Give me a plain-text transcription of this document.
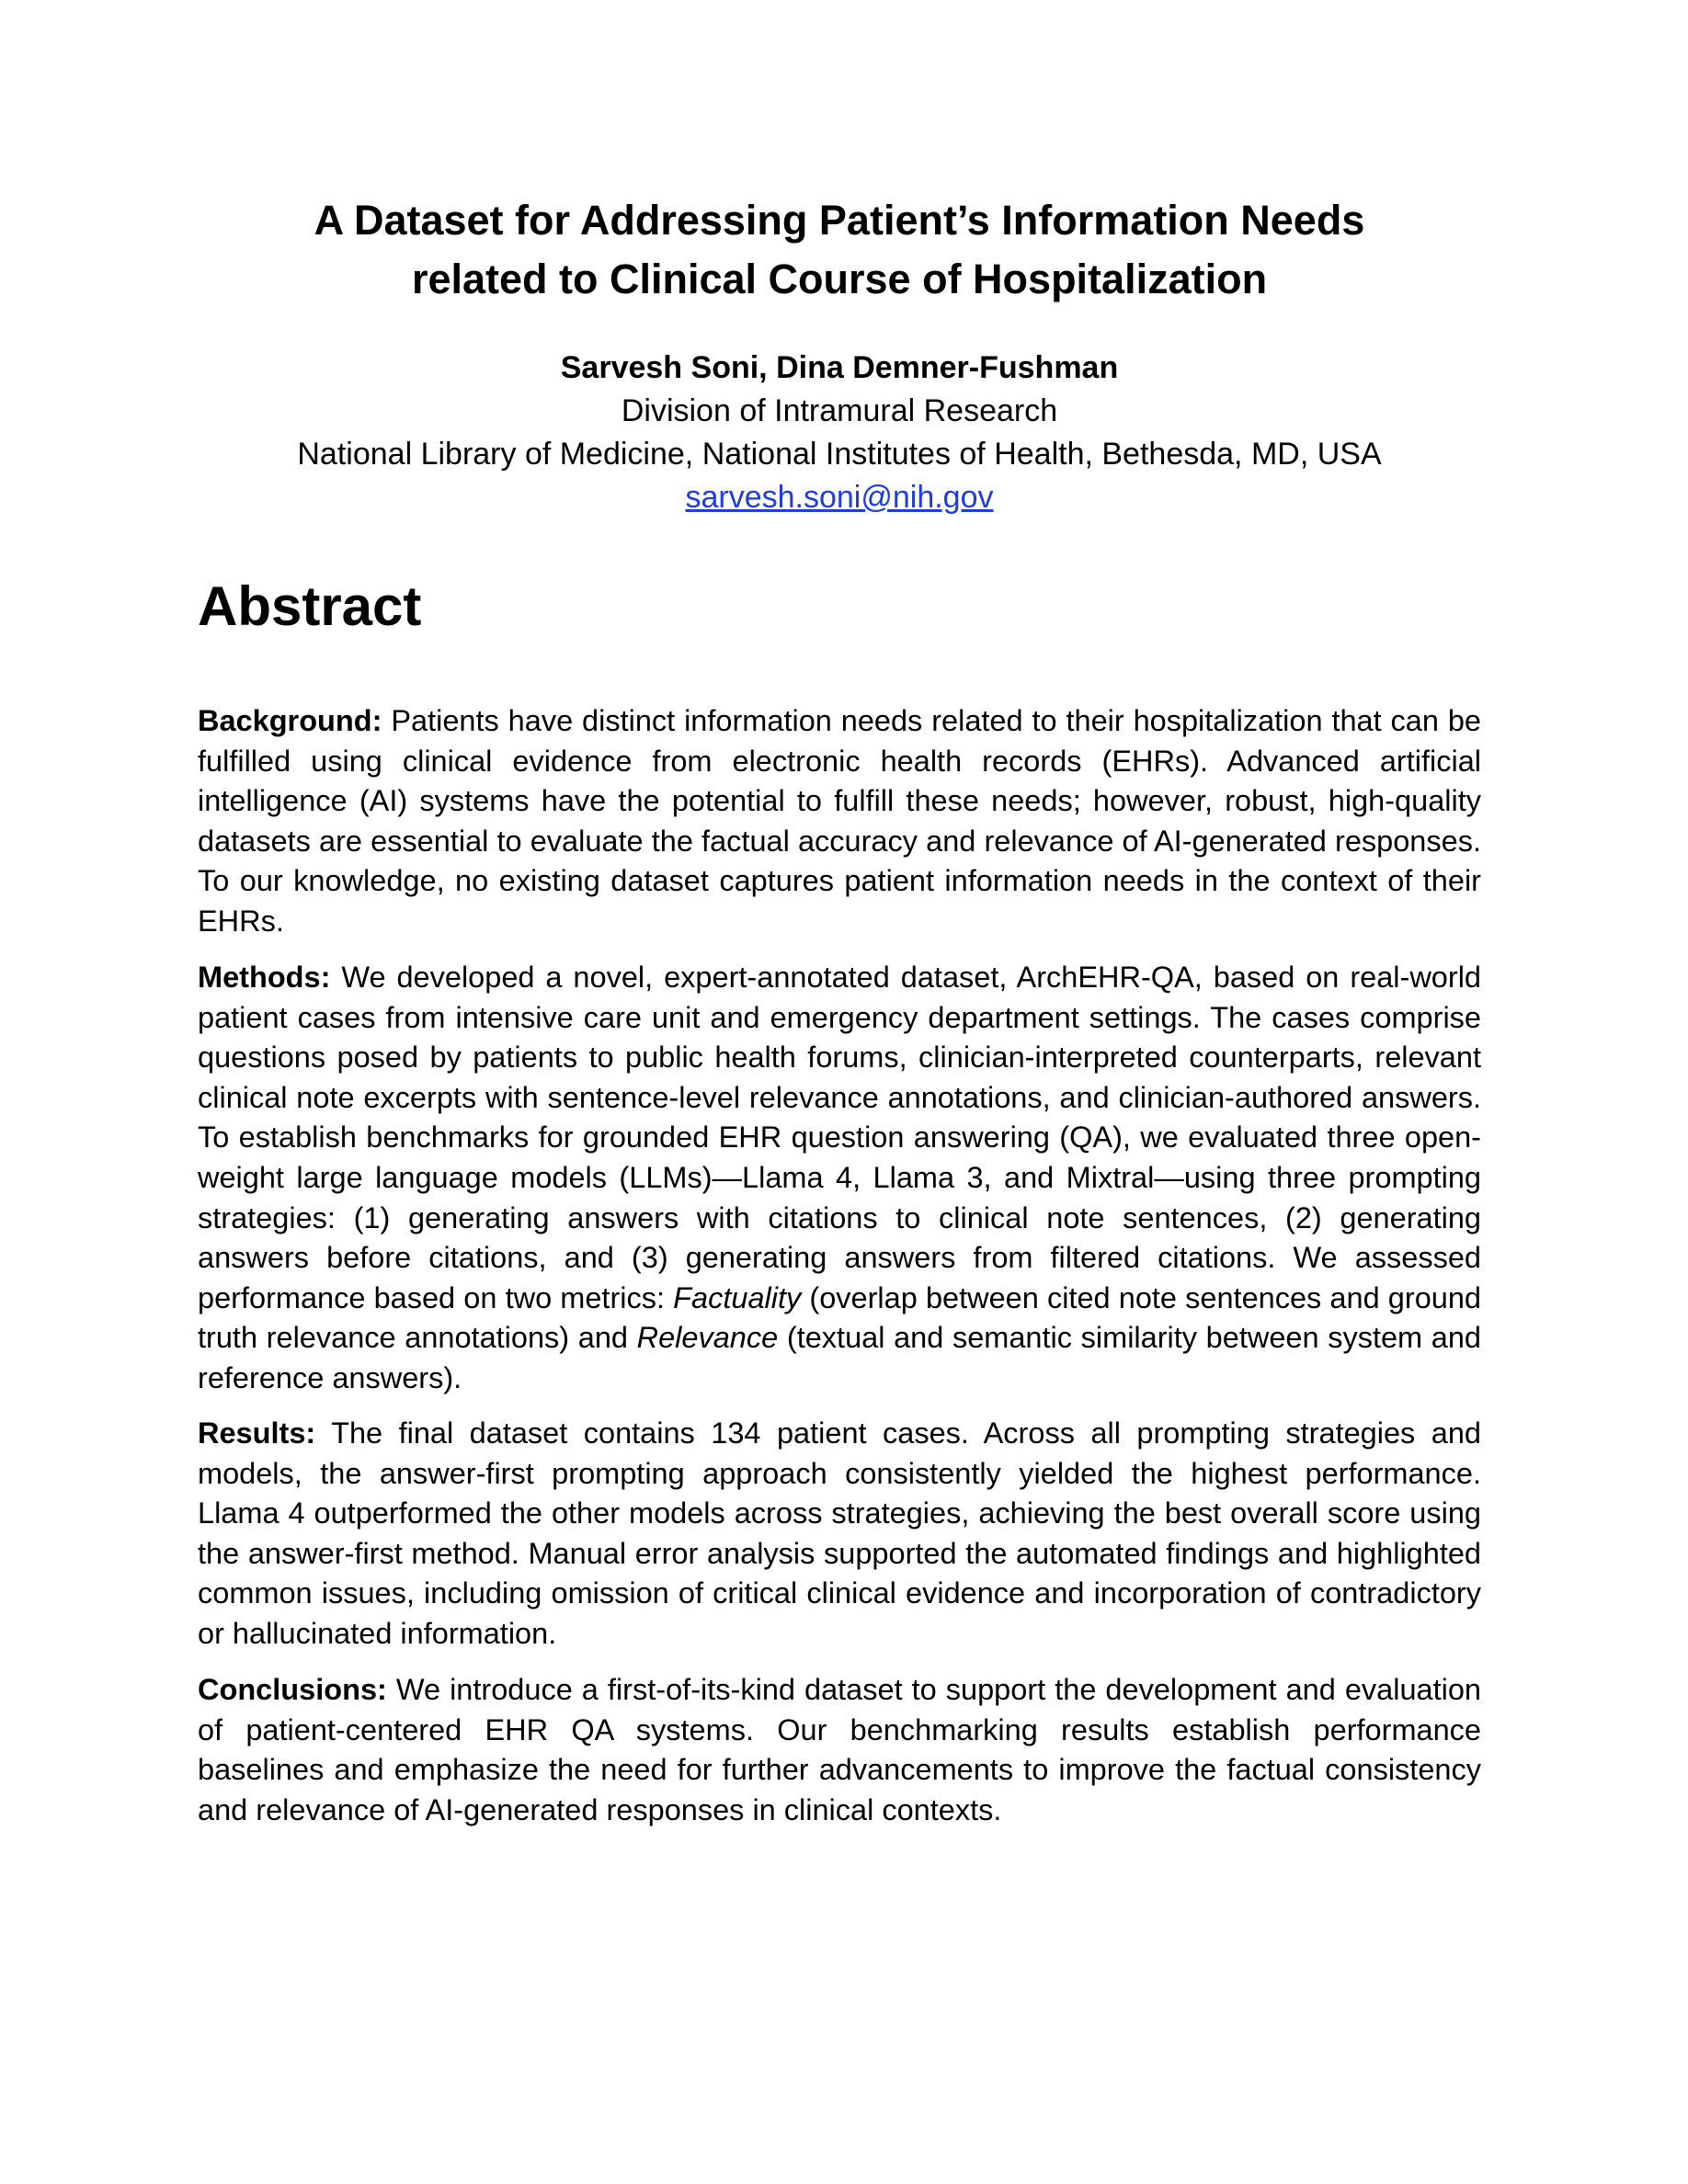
A Dataset for Addressing Patient’s Information Needs
related to Clinical Course of Hospitalization

Sarvesh Soni, Dina Demner-Fushman

Division of Intramural Research

National Library of Medicine, National Institutes of Health, Bethesda, MD, USA

sarvesh.soni@nih.gov
Abstract

Background: Patients have distinct information needs related to their hospitalization that can be fulfilled using clinical evidence from electronic health records (EHRs). Advanced artificial intelligence (AI) systems have the potential to fulfill these needs; however, robust, high-quality datasets are essential to evaluate the factual accuracy and relevance of AI-generated responses. To our knowledge, no existing dataset captures patient information needs in the context of their EHRs.

Methods: We developed a novel, expert-annotated dataset, ArchEHR-QA, based on real-world patient cases from intensive care unit and emergency department settings. The cases comprise questions posed by patients to public health forums, clinician-interpreted counterparts, relevant clinical note excerpts with sentence-level relevance annotations, and clinician-authored answers. To establish benchmarks for grounded EHR question answering (QA), we evaluated three open-weight large language models (LLMs)—Llama 4, Llama 3, and Mixtral—using three prompting strategies: (1) generating answers with citations to clinical note sentences, (2) generating answers before citations, and (3) generating answers from filtered citations. We assessed performance based on two metrics: Factuality (overlap between cited note sentences and ground truth relevance annotations) and Relevance (textual and semantic similarity between system and reference answers).

Results: The final dataset contains 134 patient cases. Across all prompting strategies and models, the answer-first prompting approach consistently yielded the highest performance. Llama 4 outperformed the other models across strategies, achieving the best overall score using the answer-first method. Manual error analysis supported the automated findings and highlighted common issues, including omission of critical clinical evidence and incorporation of contradictory or hallucinated information.

Conclusions: We introduce a first-of-its-kind dataset to support the development and evaluation of patient-centered EHR QA systems. Our benchmarking results establish performance baselines and emphasize the need for further advancements to improve the factual consistency and relevance of AI-generated responses in clinical contexts.
